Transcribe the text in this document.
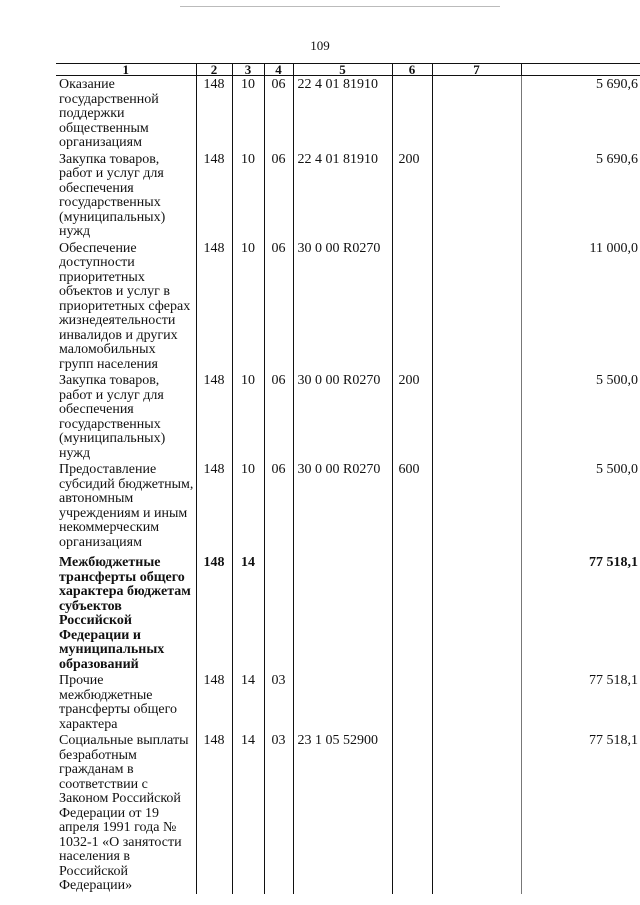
109
1	2	3	4	5	6	7	
Оказание государственной поддержки общественным организациям	148	10	06	22 4 01 81910			5 690,6
Закупка товаров, работ и услуг для обеспечения государственных (муниципальных) нужд	148	10	06	22 4 01 81910	200		5 690,6
Обеспечение доступности приоритетных объектов и услуг в приоритетных сферах жизнедеятельности инвалидов и других маломобильных групп населения	148	10	06	30 0 00 R0270			11 000,0
Закупка товаров, работ и услуг для обеспечения государственных (муниципальных) нужд	148	10	06	30 0 00 R0270	200		5 500,0
Предоставление субсидий бюджетным, автономным учреждениям и иным некоммерческим организациям	148	10	06	30 0 00 R0270	600		5 500,0
Межбюджетные трансферты общего характера бюджетам субъектов Российской Федерации и муниципальных образований	148	14					77 518,1
Прочие межбюджетные трансферты общего характера	148	14	03				77 518,1
Социальные выплаты безработным гражданам в соответствии с Законом Российской Федерации от 19 апреля 1991 года № 1032-1 «О занятости населения в Российской Федерации»	148	14	03	23 1 05 52900			77 518,1
